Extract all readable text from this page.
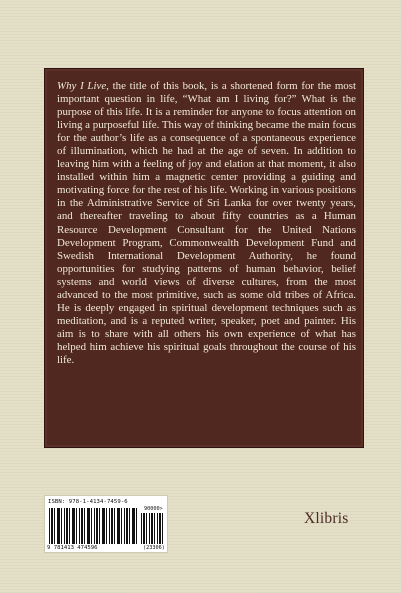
Why I Live, the title of this book, is a shortened form for the most important question in life, “What am I living for?” What is the purpose of this life. It is a reminder for anyone to focus attention on living a purposeful life. This way of thinking became the main focus for the author’s life as a consequence of a spontaneous experience of illumination, which he had at the age of seven. In addition to leaving him with a feeling of joy and elation at that moment, it also installed within him a magnetic center providing a guiding and motivating force for the rest of his life. Working in various positions in the Administrative Service of Sri Lanka for over twenty years, and thereafter traveling to about fifty countries as a Human Resource Development Consultant for the United Nations Development Program, Commonwealth Development Fund and Swedish International Development Authority, he found opportunities for studying patterns of human behavior, belief systems and world views of diverse cultures, from the most advanced to the most primitive, such as some old tribes of Africa. He is deeply engaged in spiritual development techniques such as meditation, and is a reputed writer, speaker, poet and painter. His aim is to share with all others his own experience of what has helped him achieve his spiritual goals throughout the course of his life.

ISBN: 978-1-4134-7459-6
90000>
9 781413 474596	(23306)
Xlibris
